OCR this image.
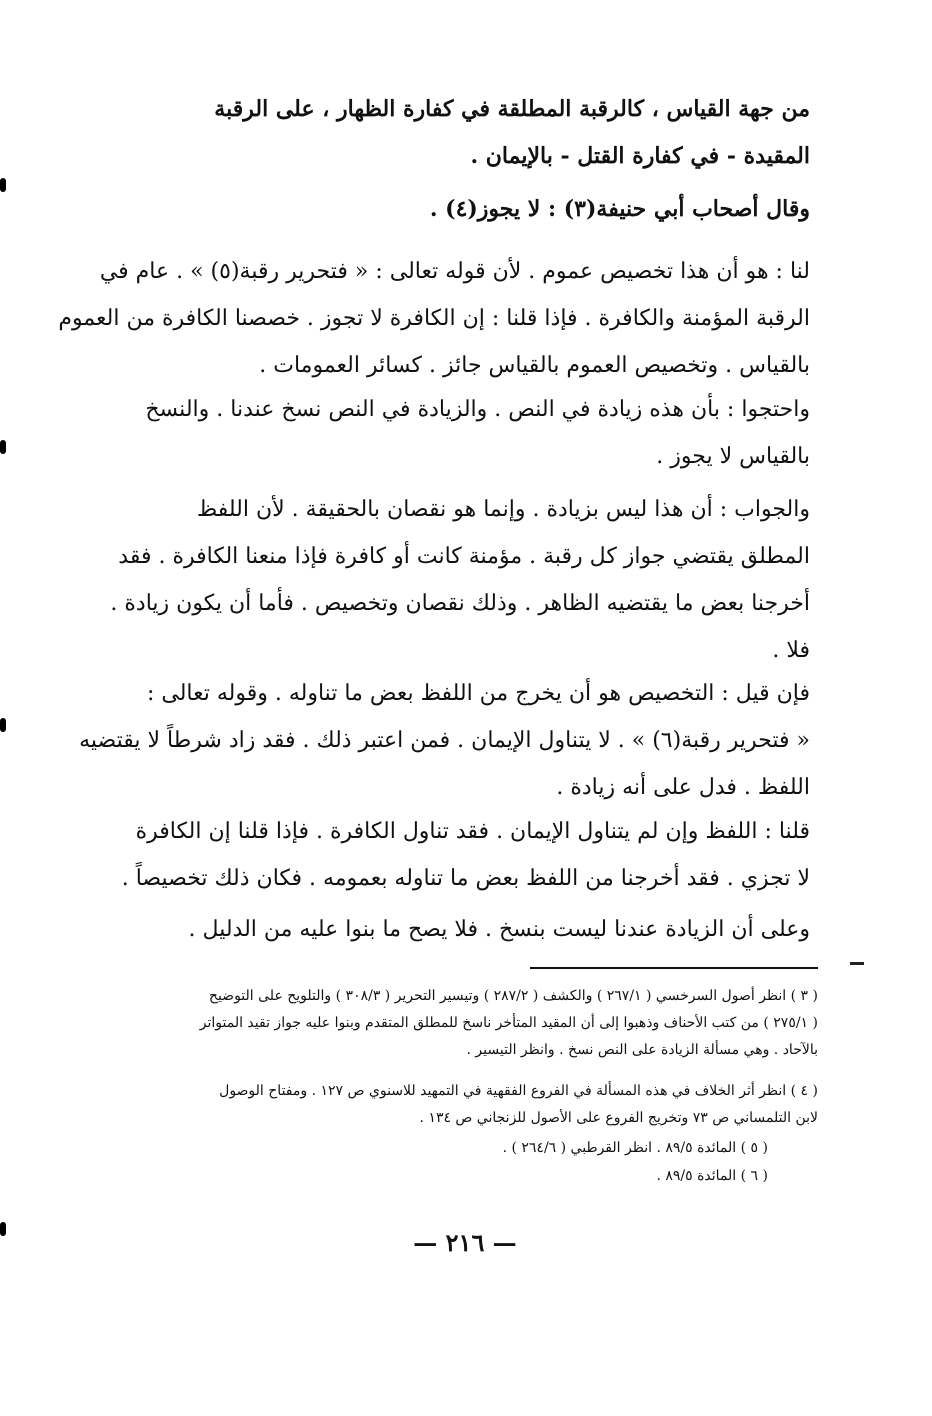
من جهة القياس ، كالرقبة المطلقة في كفارة الظهار ، على الرقبة
المقيدة - في كفارة القتل - بالإيمان .
وقال أصحاب أبي حنيفة(٣) : لا يجوز(٤) .
لنا : هو أن هذا تخصيص عموم . لأن قوله تعالى : « فتحرير رقبة(٥) » . عام في
الرقبة المؤمنة والكافرة . فإذا قلنا : إن الكافرة لا تجوز . خصصنا الكافرة من العموم
بالقياس . وتخصيص العموم بالقياس جائز . كسائر العمومات .
واحتجوا : بأن هذه زيادة في النص . والزيادة في النص نسخ عندنا . والنسخ
بالقياس لا يجوز .
والجواب : أن هذا ليس بزيادة . وإنما هو نقصان بالحقيقة . لأن اللفظ
المطلق يقتضي جواز كل رقبة . مؤمنة كانت أو كافرة فإذا منعنا الكافرة . فقد
أخرجنا بعض ما يقتضيه الظاهر . وذلك نقصان وتخصيص . فأما أن يكون زيادة .
فلا .
فإن قيل : التخصيص هو أن يخرج من اللفظ بعض ما تناوله . وقوله تعالى :
« فتحرير رقبة(٦) » . لا يتناول الإيمان . فمن اعتبر ذلك . فقد زاد شرطاً لا يقتضيه
اللفظ . فدل على أنه زيادة .
قلنا : اللفظ وإن لم يتناول الإيمان . فقد تناول الكافرة . فإذا قلنا إن الكافرة
لا تجزي . فقد أخرجنا من اللفظ بعض ما تناوله بعمومه . فكان ذلك تخصيصاً .
وعلى أن الزيادة عندنا ليست بنسخ . فلا يصح ما بنوا عليه من الدليل .
( ٣ ) انظر أصول السرخسي ( ٢٦٧/١ ) والكشف ( ٢٨٧/٢ ) وتيسير التحرير ( ٣٠٨/٣ ) والتلويح على التوضيح
( ٢٧٥/١ ) من كتب الأحناف وذهبوا إلى أن المقيد المتأخر ناسخ للمطلق المتقدم وبنوا عليه جواز تقيد المتواتر
بالآحاد . وهي مسألة الزيادة على النص نسخ . وانظر التيسير .
( ٤ ) انظر أثر الخلاف في هذه المسألة في الفروع الفقهية في التمهيد للاسنوي ص ١٢٧ . ومفتاح الوصول
لابن التلمساني ص ٧٣ وتخريج الفروع على الأصول للزنجاني ص ١٣٤ .
( ٥ ) المائدة ٨٩/٥ . انظر القرطبي ( ٢٦٤/٦ ) .
( ٦ ) المائدة ٨٩/٥ .
— ٢١٦ —
